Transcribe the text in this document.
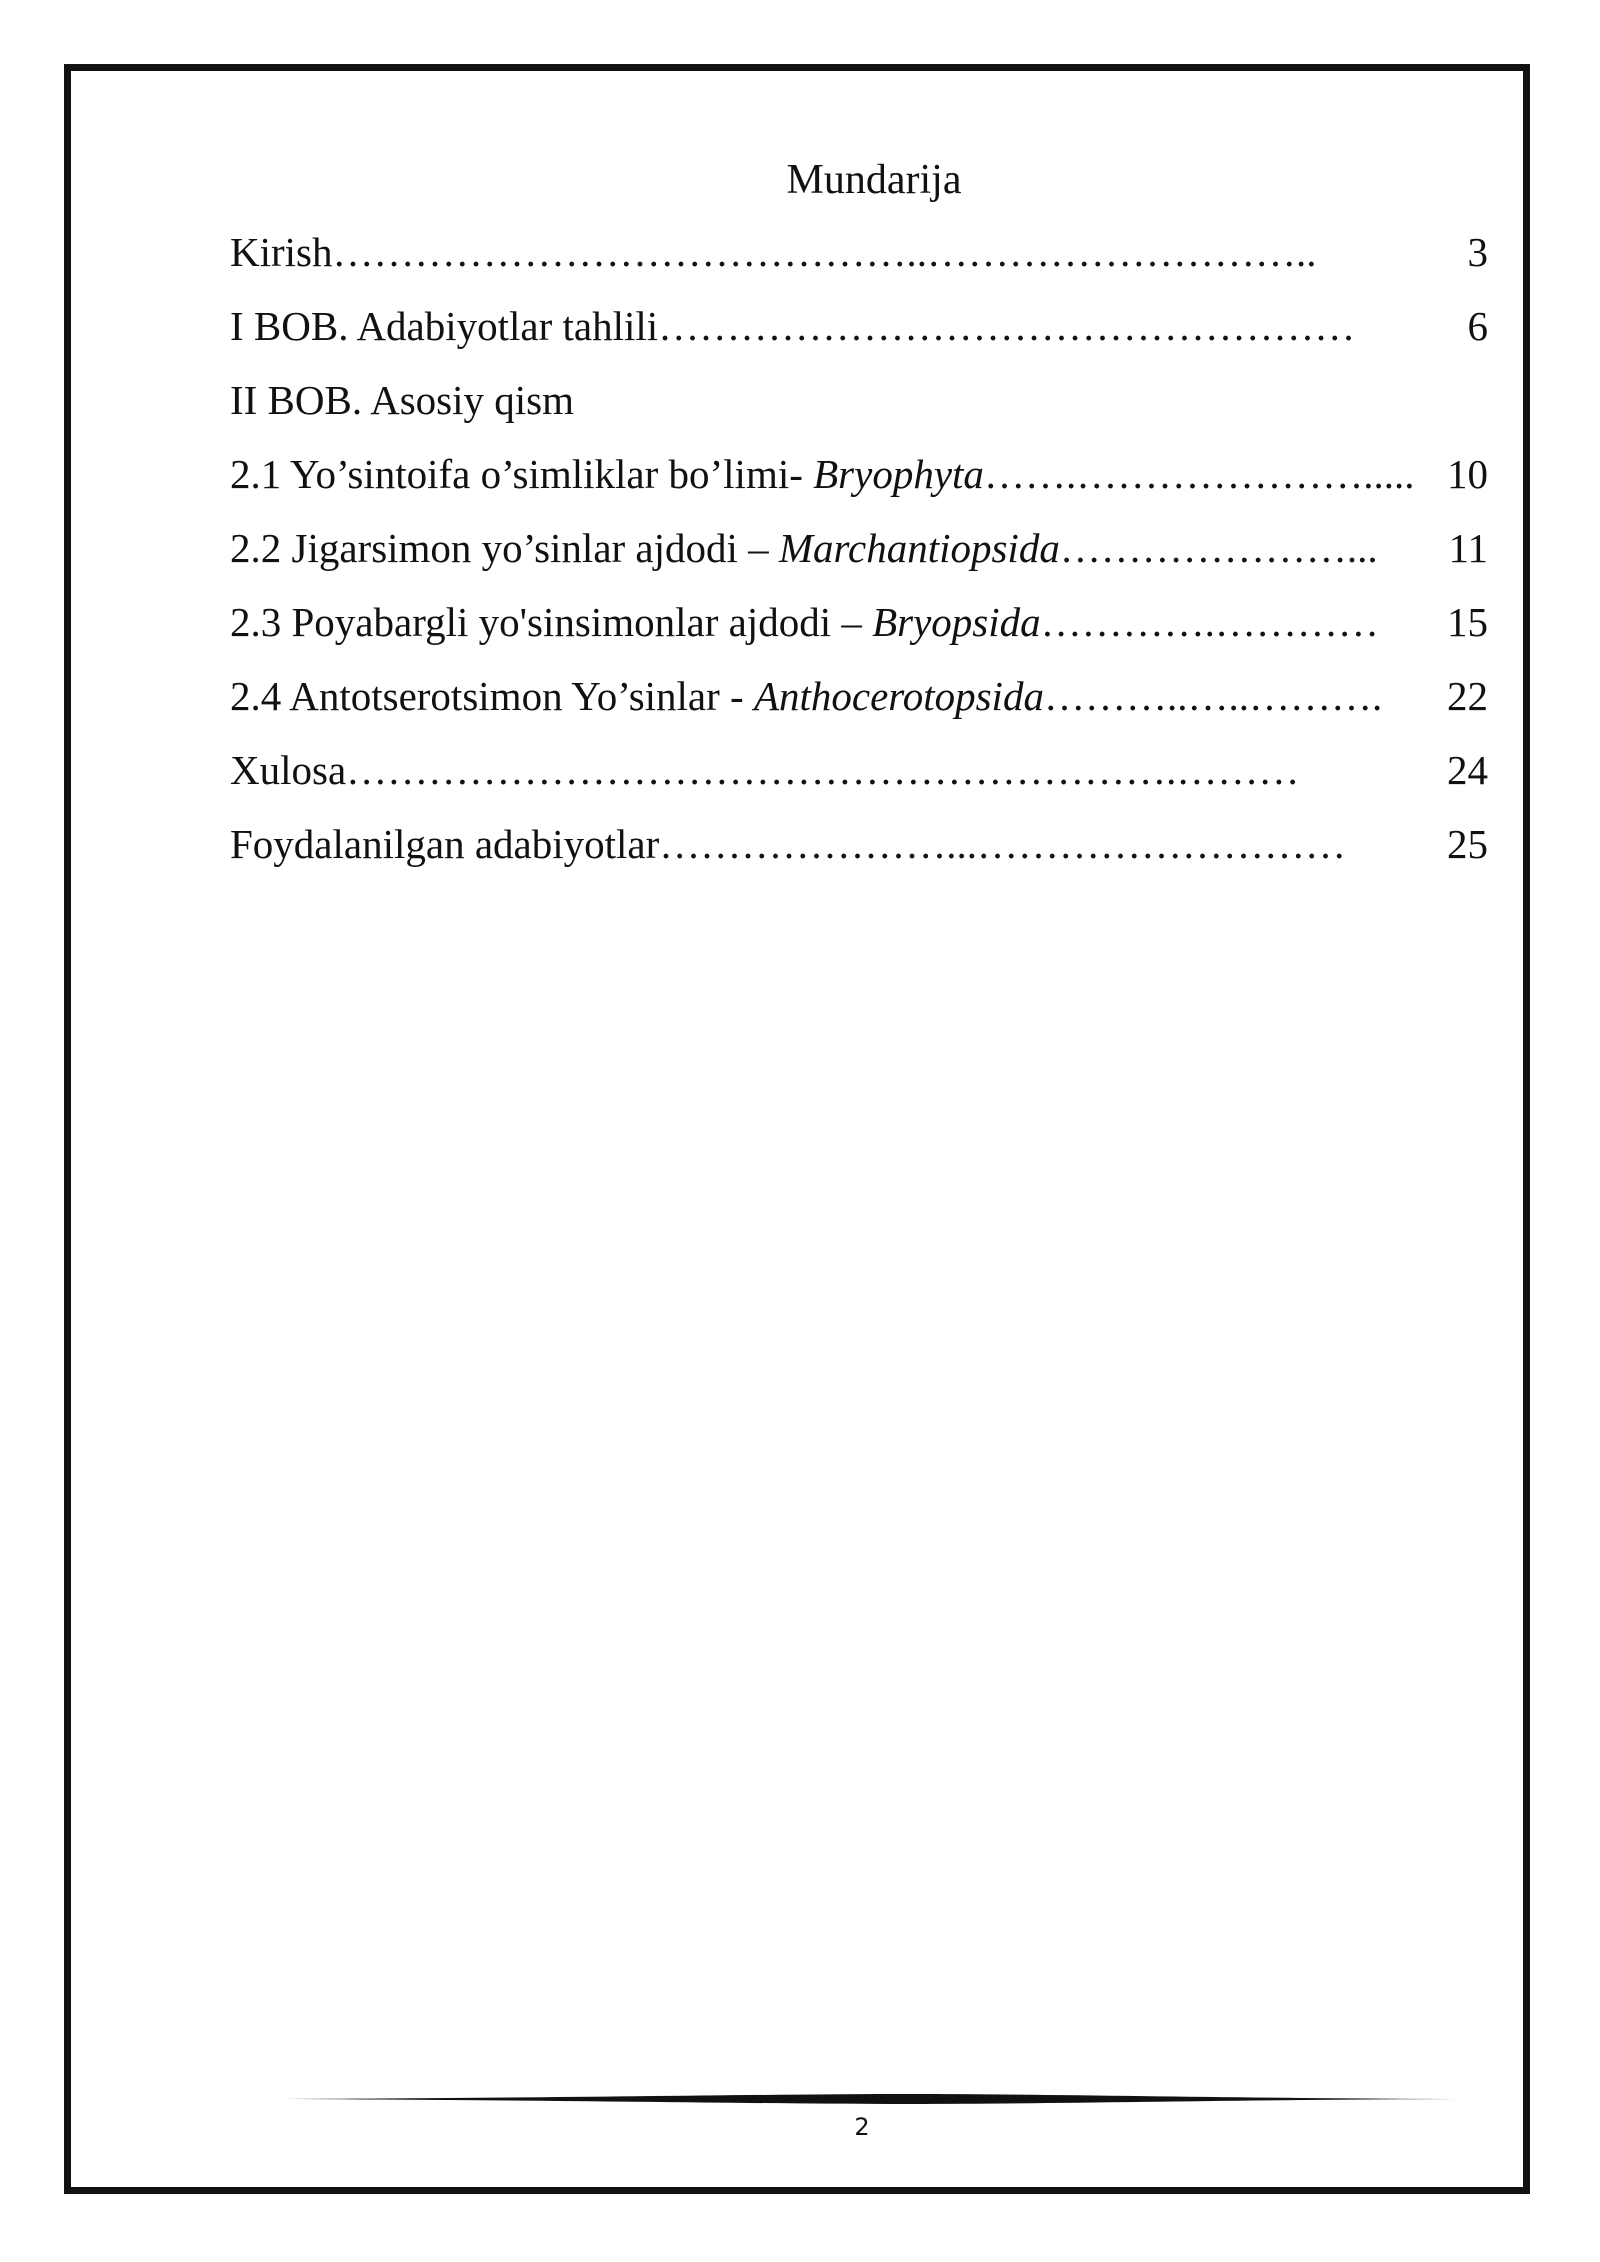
Mundarija
Kirish ……………………………………..………………………..	3
I BOB. Adabiyotlar tahlili ……………………………………………	6
II BOB. Asosiy qism
2.1 Yo’sintoifa o’simliklar bo’limi- Bryophyta …….…………………..... 10
2.2 Jigarsimon yo’sinlar ajdodi – Marchantiopsida …………………...	11
2.3 Poyabargli yo'sinsimonlar ajdodi – Bryopsida ………….…………	15
2.4 Antotserotsimon Yo’sinlar - Anthocerotopsida ………..…..……….	22
Xulosa …………………………………………………….………	24
Foydalanilgan adabiyotlar …………………...………………………	25
2
